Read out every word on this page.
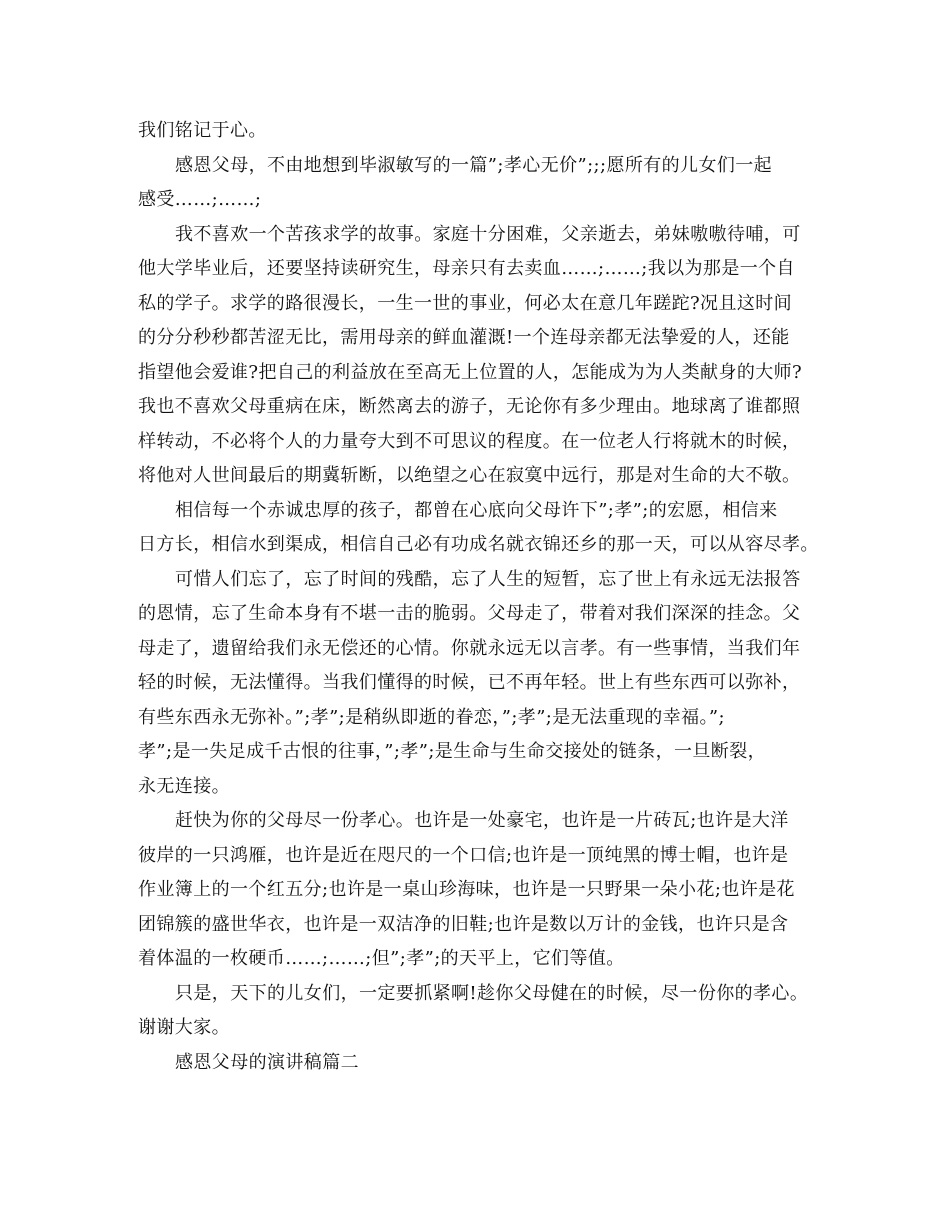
我们铭记于心。
感恩父母，不由地想到毕淑敏写的一篇”;孝心无价”;;;愿所有的儿女们一起
感受……;……;
我不喜欢一个苦孩求学的故事。家庭十分困难，父亲逝去，弟妹嗷嗷待哺，可
他大学毕业后，还要坚持读研究生，母亲只有去卖血……;……;我以为那是一个自
私的学子。求学的路很漫长，一生一世的事业，何必太在意几年蹉跎?况且这时间
的分分秒秒都苦涩无比，需用母亲的鲜血灌溉!一个连母亲都无法挚爱的人，还能
指望他会爱谁?把自己的利益放在至高无上位置的人，怎能成为为人类献身的大师?
我也不喜欢父母重病在床，断然离去的游子，无论你有多少理由。地球离了谁都照
样转动，不必将个人的力量夸大到不可思议的程度。在一位老人行将就木的时候，
将他对人世间最后的期冀斩断，以绝望之心在寂寞中远行，那是对生命的大不敬。
相信每一个赤诚忠厚的孩子，都曾在心底向父母许下”;孝”;的宏愿，相信来
日方长，相信水到渠成，相信自己必有功成名就衣锦还乡的那一天，可以从容尽孝。
可惜人们忘了，忘了时间的残酷，忘了人生的短暂，忘了世上有永远无法报答
的恩情，忘了生命本身有不堪一击的脆弱。父母走了，带着对我们深深的挂念。父
母走了，遗留给我们永无偿还的心情。你就永远无以言孝。有一些事情，当我们年
轻的时候，无法懂得。当我们懂得的时候，已不再年轻。世上有些东西可以弥补，
有些东西永无弥补。”;孝”;是稍纵即逝的眷恋，”;孝”;是无法重现的幸福。”;
孝”;是一失足成千古恨的往事，”;孝”;是生命与生命交接处的链条，一旦断裂，
永无连接。
赶快为你的父母尽一份孝心。也许是一处豪宅，也许是一片砖瓦;也许是大洋
彼岸的一只鸿雁，也许是近在咫尺的一个口信;也许是一顶纯黑的博士帽，也许是
作业簿上的一个红五分;也许是一桌山珍海味，也许是一只野果一朵小花;也许是花
团锦簇的盛世华衣，也许是一双洁净的旧鞋;也许是数以万计的金钱，也许只是含
着体温的一枚硬币……;……;但”;孝”;的天平上，它们等值。
只是，天下的儿女们，一定要抓紧啊!趁你父母健在的时候，尽一份你的孝心。
谢谢大家。
感恩父母的演讲稿篇二
